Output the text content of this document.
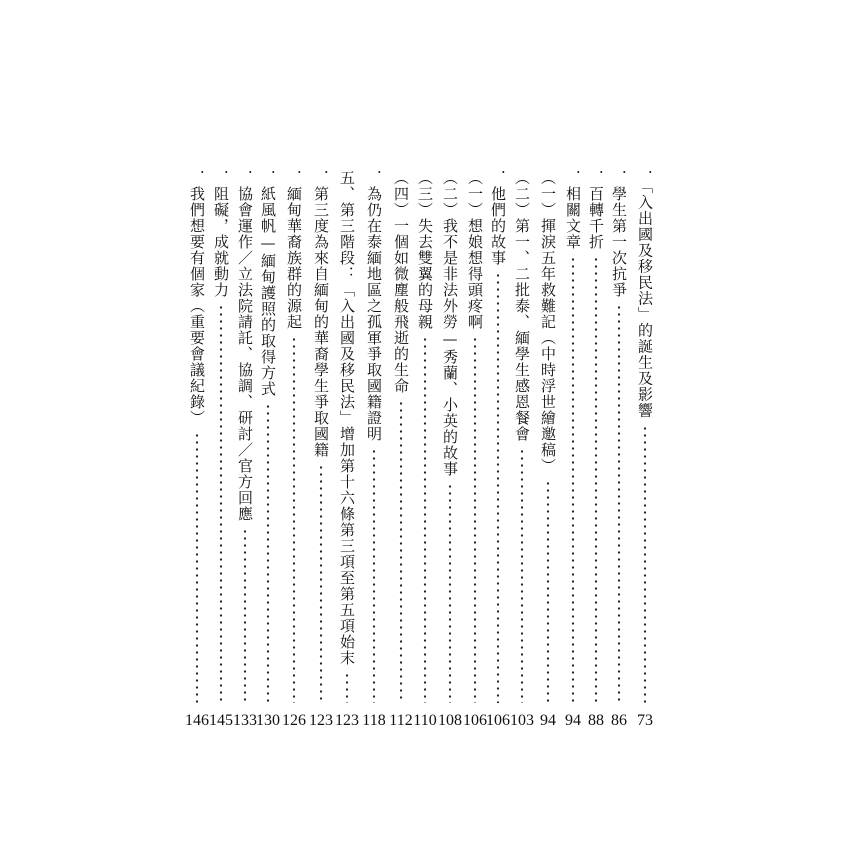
．「入出國及移民法」的誕生及影響
73
．學生第一次抗爭
86
．百轉千折
88
．相關文章
94
（一）揮淚五年救難記（中時浮世繪邀稿）
94
（二）第一、二批泰、緬學生感恩餐會
103
．他們的故事
106
（一）想娘想得頭疼啊
106
（二）我不是非法外勞—秀蘭、小英的故事
108
（三）失去雙翼的母親
110
（四）一個如微塵般飛逝的生命
112
．為仍在泰緬地區之孤軍爭取國籍證明
118
五、第三階段：「入出國及移民法」增加第十六條第三項至第五項始末
123
．第三度為來自緬甸的華裔學生爭取國籍
123
．緬甸華裔族群的源起
126
．紙風帆—緬甸護照的取得方式
130
．協會運作／立法院請託、協調、研討／官方回應
133
．阻礙，成就動力
145
．我們想要有個家（重要會議紀錄）
146
